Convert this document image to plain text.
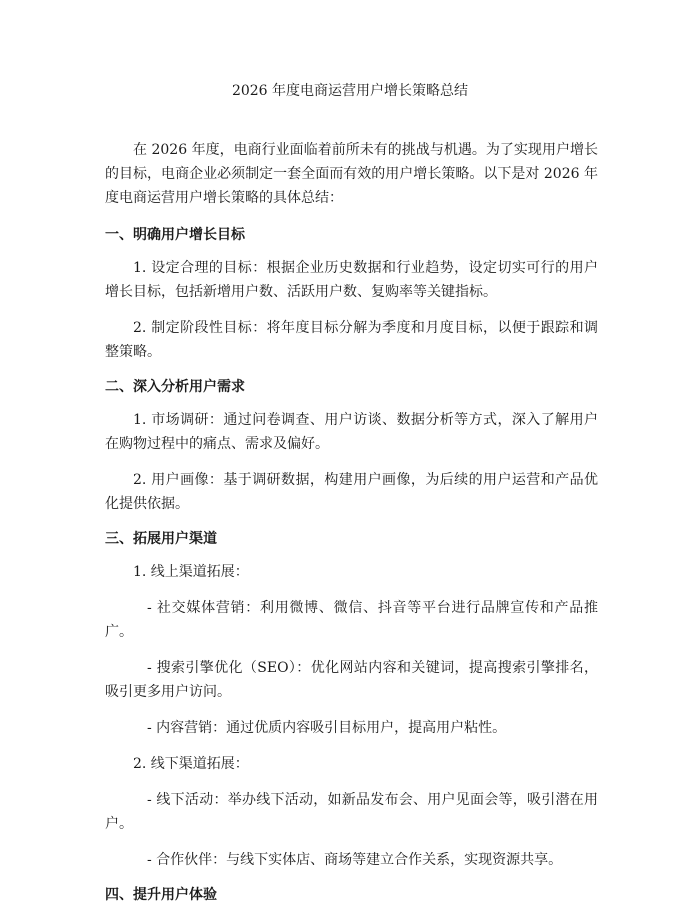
2026 年度电商运营用户增长策略总结

在 2026 年度，电商行业面临着前所未有的挑战与机遇。为了实现用户增长的目标，电商企业必须制定一套全面而有效的用户增长策略。以下是对 2026 年度电商运营用户增长策略的具体总结：

一、明确用户增长目标

1. 设定合理的目标：根据企业历史数据和行业趋势，设定切实可行的用户增长目标，包括新增用户数、活跃用户数、复购率等关键指标。

2. 制定阶段性目标：将年度目标分解为季度和月度目标，以便于跟踪和调整策略。

二、深入分析用户需求

1. 市场调研：通过问卷调查、用户访谈、数据分析等方式，深入了解用户在购物过程中的痛点、需求及偏好。

2. 用户画像：基于调研数据，构建用户画像，为后续的用户运营和产品优化提供依据。

三、拓展用户渠道

1. 线上渠道拓展：

- 社交媒体营销：利用微博、微信、抖音等平台进行品牌宣传和产品推广。

- 搜索引擎优化（SEO）：优化网站内容和关键词，提高搜索引擎排名，吸引更多用户访问。

- 内容营销：通过优质内容吸引目标用户，提高用户粘性。

2. 线下渠道拓展：

- 线下活动：举办线下活动，如新品发布会、用户见面会等，吸引潜在用户。

- 合作伙伴：与线下实体店、商场等建立合作关系，实现资源共享。

四、提升用户体验
